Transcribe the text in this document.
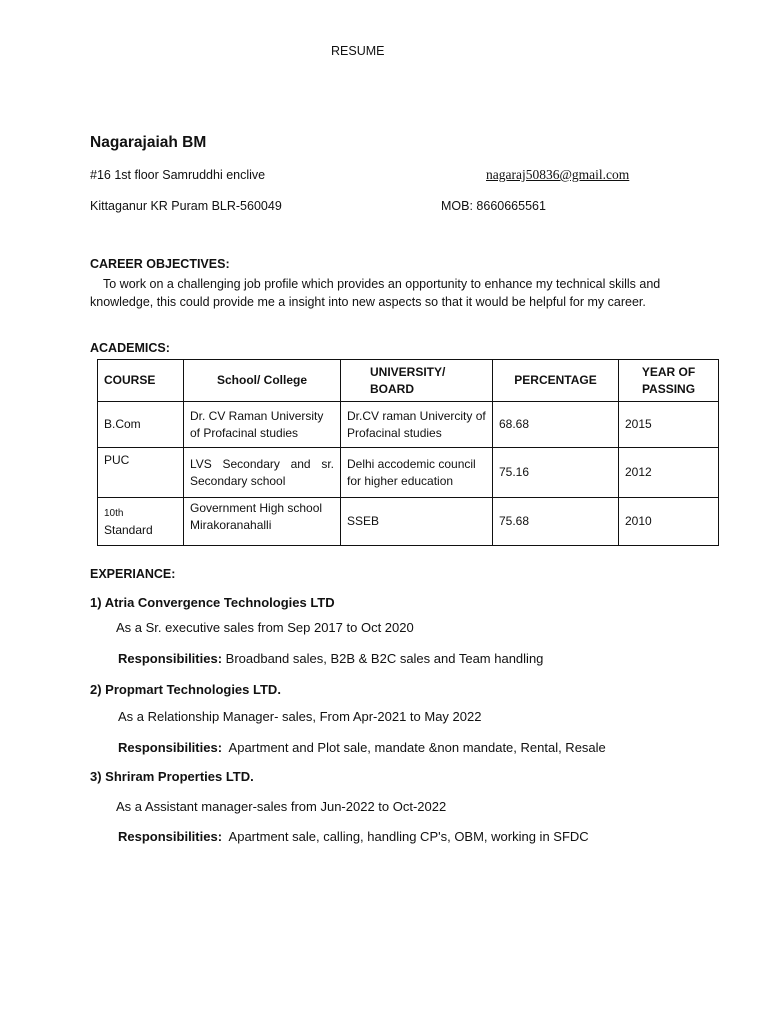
RESUME
Nagarajaiah BM
#16 1st floor Samruddhi enclive
Kittaganur KR Puram BLR-560049
nagaraj50836@gmail.com
MOB: 8660665561
CAREER OBJECTIVES:
To work on a challenging job profile which provides an opportunity to enhance my technical skills and knowledge, this could provide me a insight into new aspects so that it would be helpful for my career.
ACADEMICS:
COURSE	School/ College	UNIVERSITY/ BOARD	PERCENTAGE	YEAR OF PASSING
B.Com	Dr. CV Raman University of Profacinal studies	Dr.CV raman Univercity of Profacinal studies	68.68	2015
PUC	LVS Secondary and sr. Secondary school	Delhi accodemic council for higher education	75.16	2012

10th
Standard	Government High school Mirakoranahalli	SSEB	75.68	2010
EXPERIANCE:
1) Atria Convergence Technologies LTD
As a Sr. executive sales from Sep 2017 to Oct 2020
Responsibilities: Broadband sales, B2B & B2C sales and Team handling
2) Propmart Technologies LTD.
As a Relationship Manager- sales, From Apr-2021 to May 2022
Responsibilities: Apartment and Plot sale, mandate &non mandate, Rental, Resale
3) Shriram Properties LTD.
As a Assistant manager-sales from Jun-2022 to Oct-2022
Responsibilities: Apartment sale, calling, handling CP's, OBM, working in SFDC
